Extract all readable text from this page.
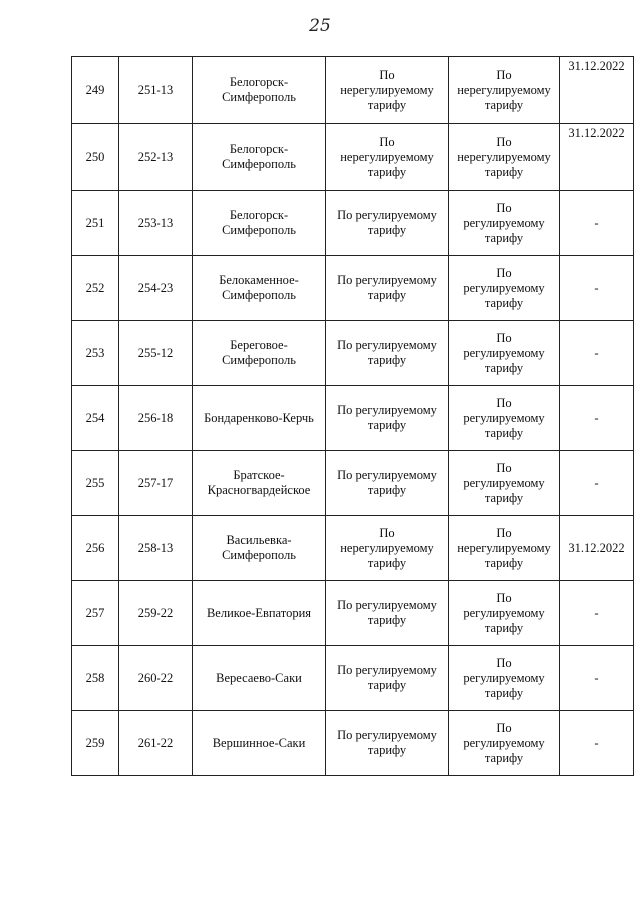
25
249	251-13	Белогорск-
Симферополь	По
нерегулируемому
тарифу	По
нерегулируемому
тарифу	31.12.2022
250	252-13	Белогорск-
Симферополь	По
нерегулируемому
тарифу	По
нерегулируемому
тарифу	31.12.2022
251	253-13	Белогорск-
Симферополь	По регулируемому
тарифу	По
регулируемому
тарифу	-
252	254-23	Белокаменное-
Симферополь	По регулируемому
тарифу	По
регулируемому
тарифу	-
253	255-12	Береговое-
Симферополь	По регулируемому
тарифу	По
регулируемому
тарифу	-
254	256-18	Бондаренково-Керчь	По регулируемому
тарифу	По
регулируемому
тарифу	-
255	257-17	Братское-
Красногвардейское	По регулируемому
тарифу	По
регулируемому
тарифу	-
256	258-13	Васильевка-
Симферополь	По
нерегулируемому
тарифу	По
нерегулируемому
тарифу	31.12.2022
257	259-22	Великое-Евпатория	По регулируемому
тарифу	По
регулируемому
тарифу	-
258	260-22	Вересаево-Саки	По регулируемому
тарифу	По
регулируемому
тарифу	-
259	261-22	Вершинное-Саки	По регулируемому
тарифу	По
регулируемому
тарифу	-
